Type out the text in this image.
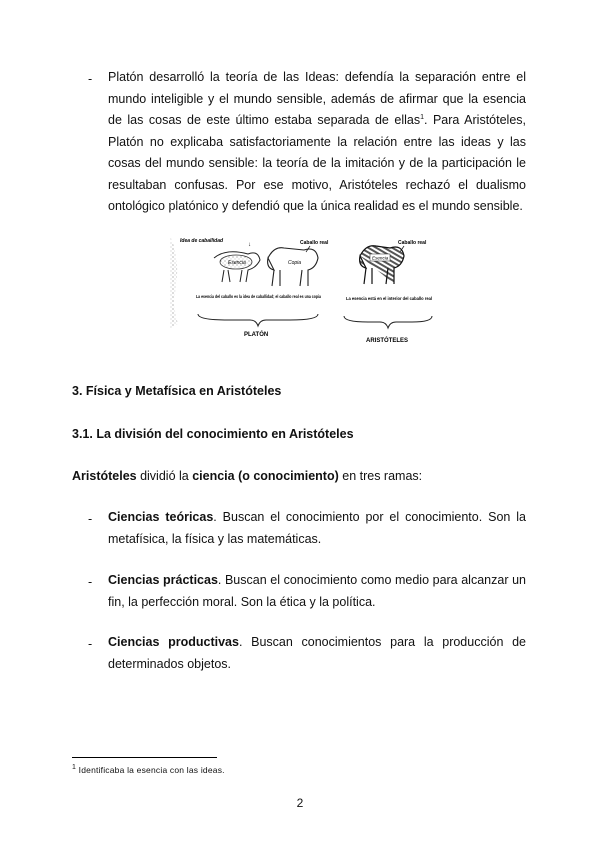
- Platón desarrolló la teoría de las Ideas: defendía la separación entre el mundo inteligible y el mundo sensible, además de afirmar que la esencia de las cosas de este último estaba separada de ellas$^1$. Para Aristóteles, Platón no explicaba satisfactoriamente la relación entre las ideas y las cosas del mundo sensible: la teoría de la imitación y de la participación le resultaban confusas. Por ese motivo, Aristóteles rechazó el dualismo ontológico platónico y defendió que la única realidad es el mundo sensible.

Idea de caballidad
Esencia
↓
Copia
Caballo real
La esencia del caballo es la idea de caballidad; el caballo real es una copia
PLATÓN
Caballo real
Esencia
La esencia está en el interior del caballo real
ARISTÓTELES

3. Física y Metafísica en Aristóteles

3.1. La división del conocimiento en Aristóteles

Aristóteles dividió la ciencia (o conocimiento) en tres ramas:

- Ciencias teóricas. Buscan el conocimiento por el conocimiento. Son la metafísica, la física y las matemáticas.

- Ciencias prácticas. Buscan el conocimiento como medio para alcanzar un fin, la perfección moral. Son la ética y la política.

- Ciencias productivas. Buscan conocimientos para la producción de determinados objetos.

$^1$ Identificaba la esencia con las ideas.

2
